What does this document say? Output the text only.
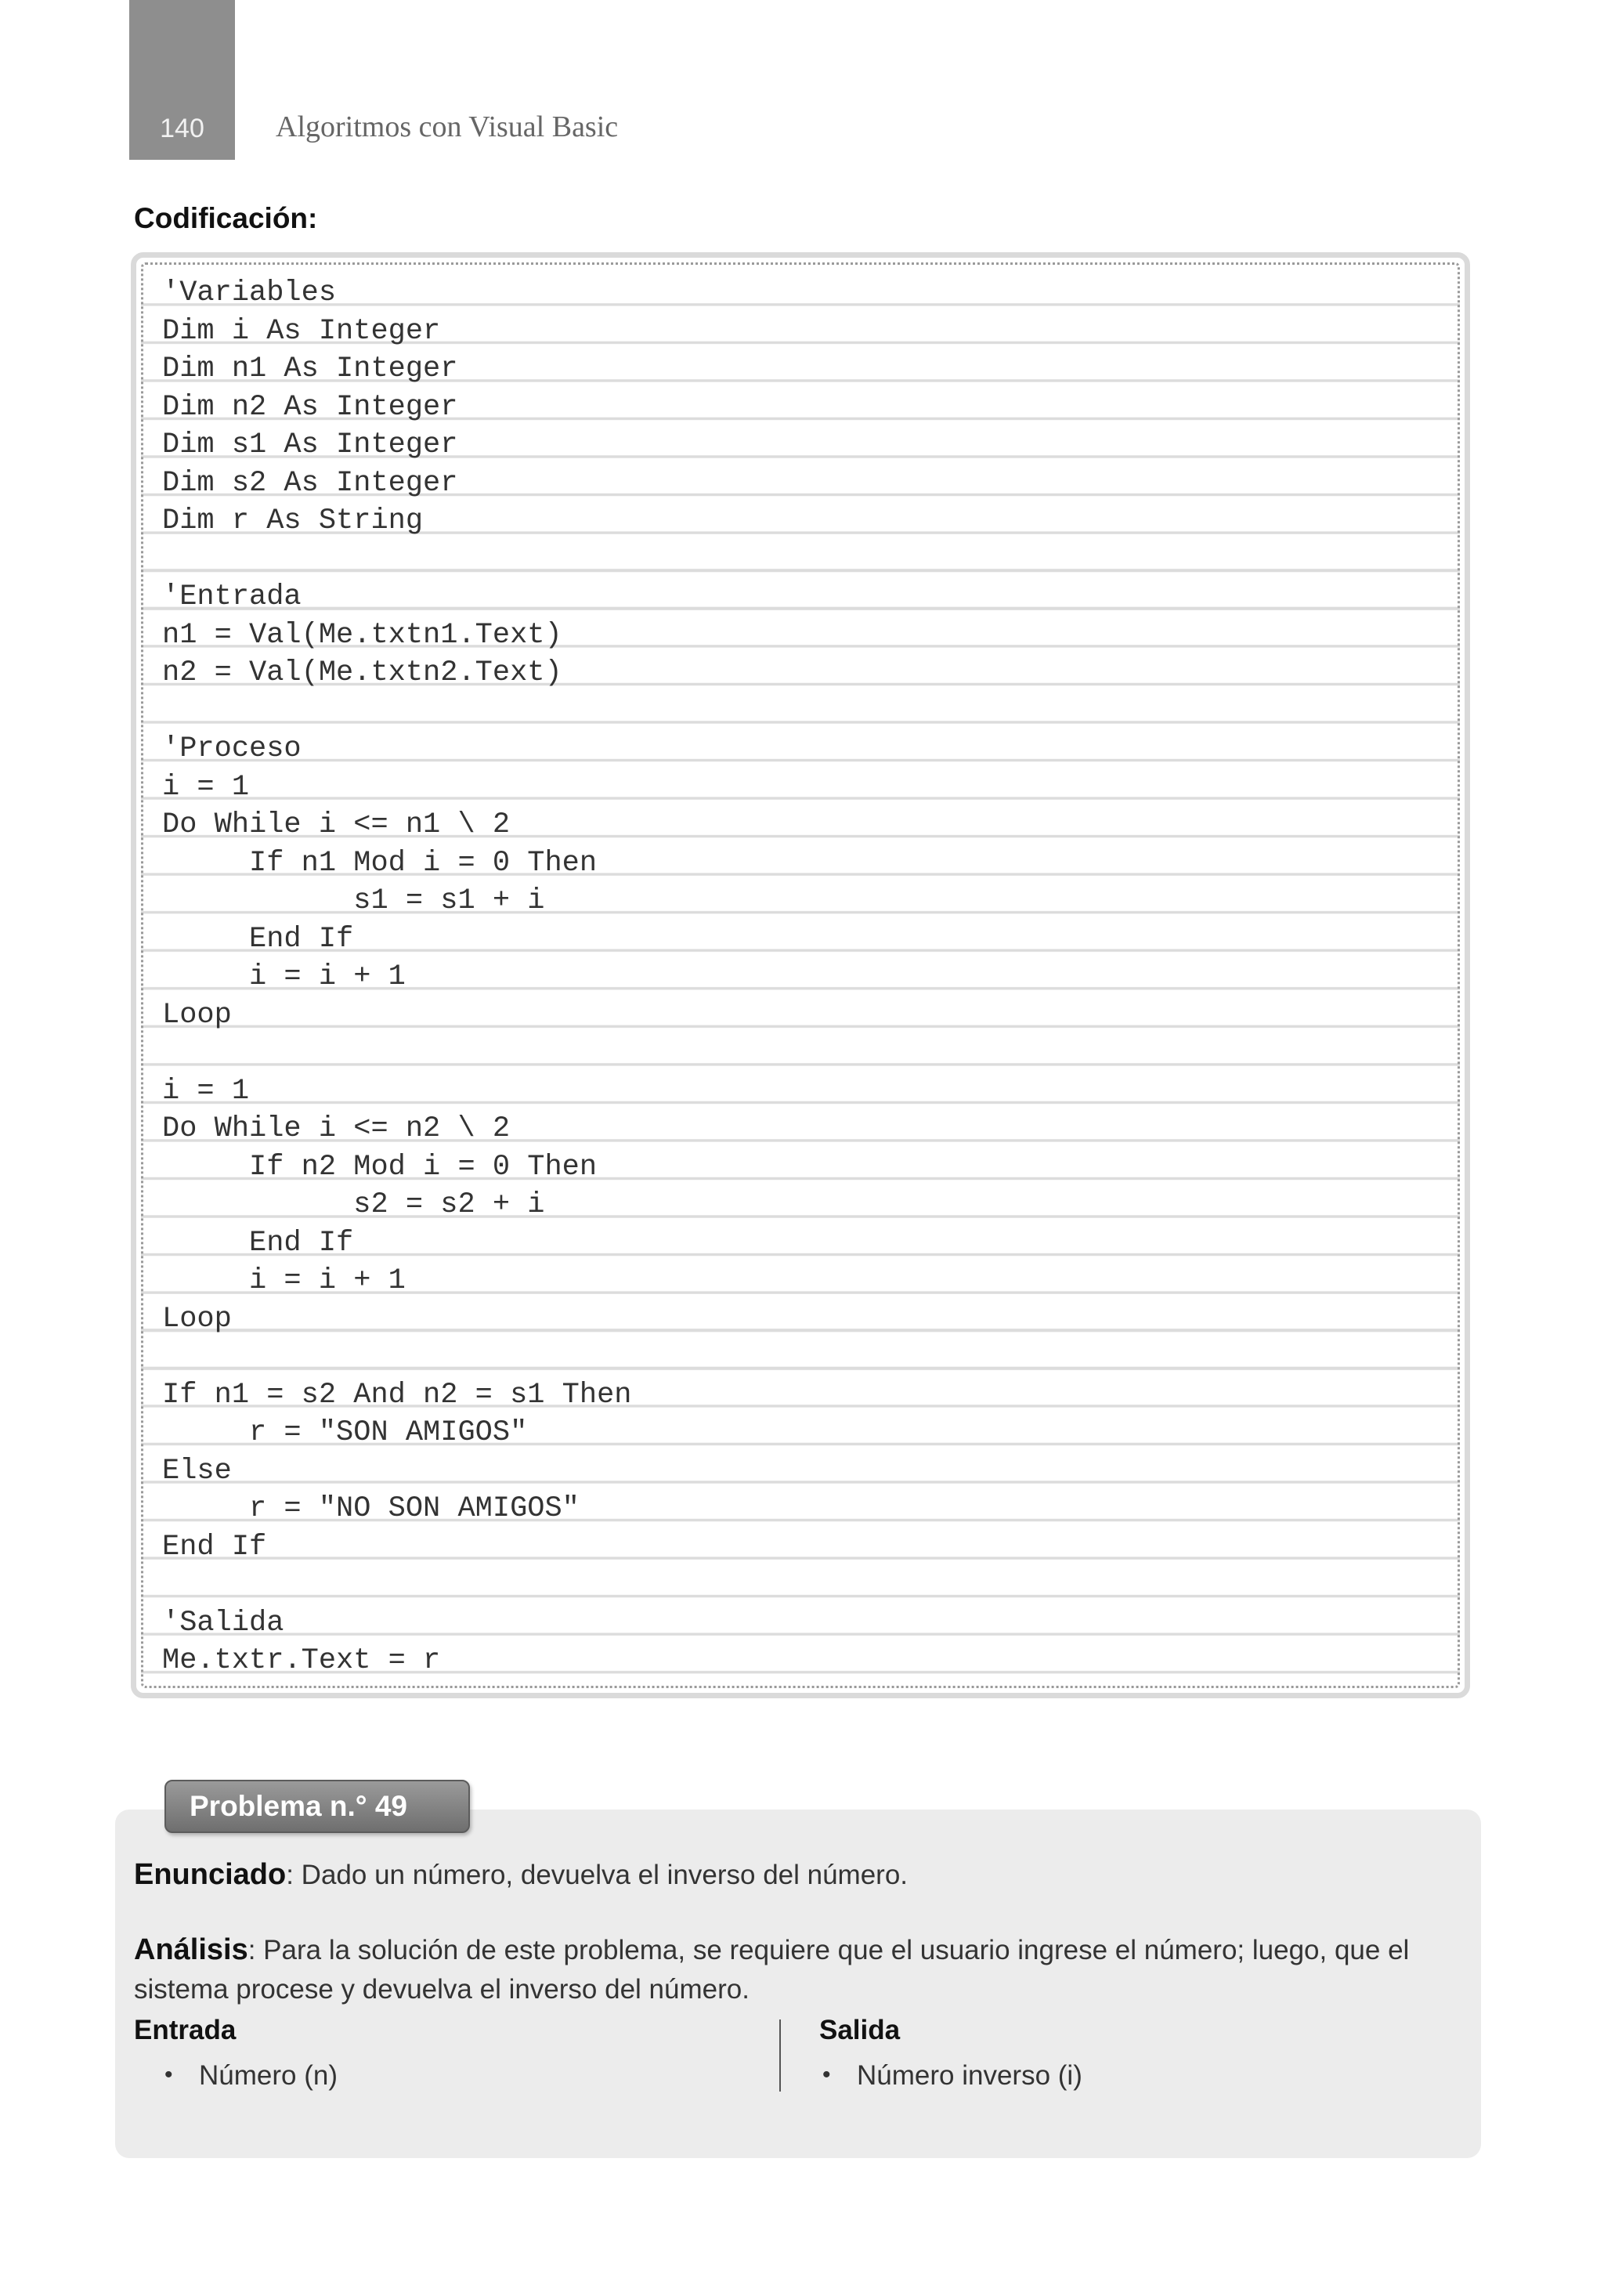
140	Algoritmos con Visual Basic
Codificación:
'Variables
Dim i As Integer
Dim n1 As Integer
Dim n2 As Integer
Dim s1 As Integer
Dim s2 As Integer
Dim r As String
'Entrada
n1 = Val(Me.txtn1.Text)
n2 = Val(Me.txtn2.Text)
'Proceso
i = 1
Do While i <= n1 \ 2
If n1 Mod i = 0 Then
s1 = s1 + i
End If
i = i + 1
Loop
i = 1
Do While i <= n2 \ 2
If n2 Mod i = 0 Then
s2 = s2 + i
End If
i = i + 1
Loop
If n1 = s2 And n2 = s1 Then
r = "SON AMIGOS"
Else
r = "NO SON AMIGOS"
End If
'Salida
Me.txtr.Text = r
Problema n.° 49
Enunciado: Dado un número, devuelva el inverso del número.
Análisis: Para la solución de este problema, se requiere que el usuario ingrese el número; luego, que el sistema procese y devuelva el inverso del número.
Entrada
• Número (n)
Salida
• Número inverso (i)
